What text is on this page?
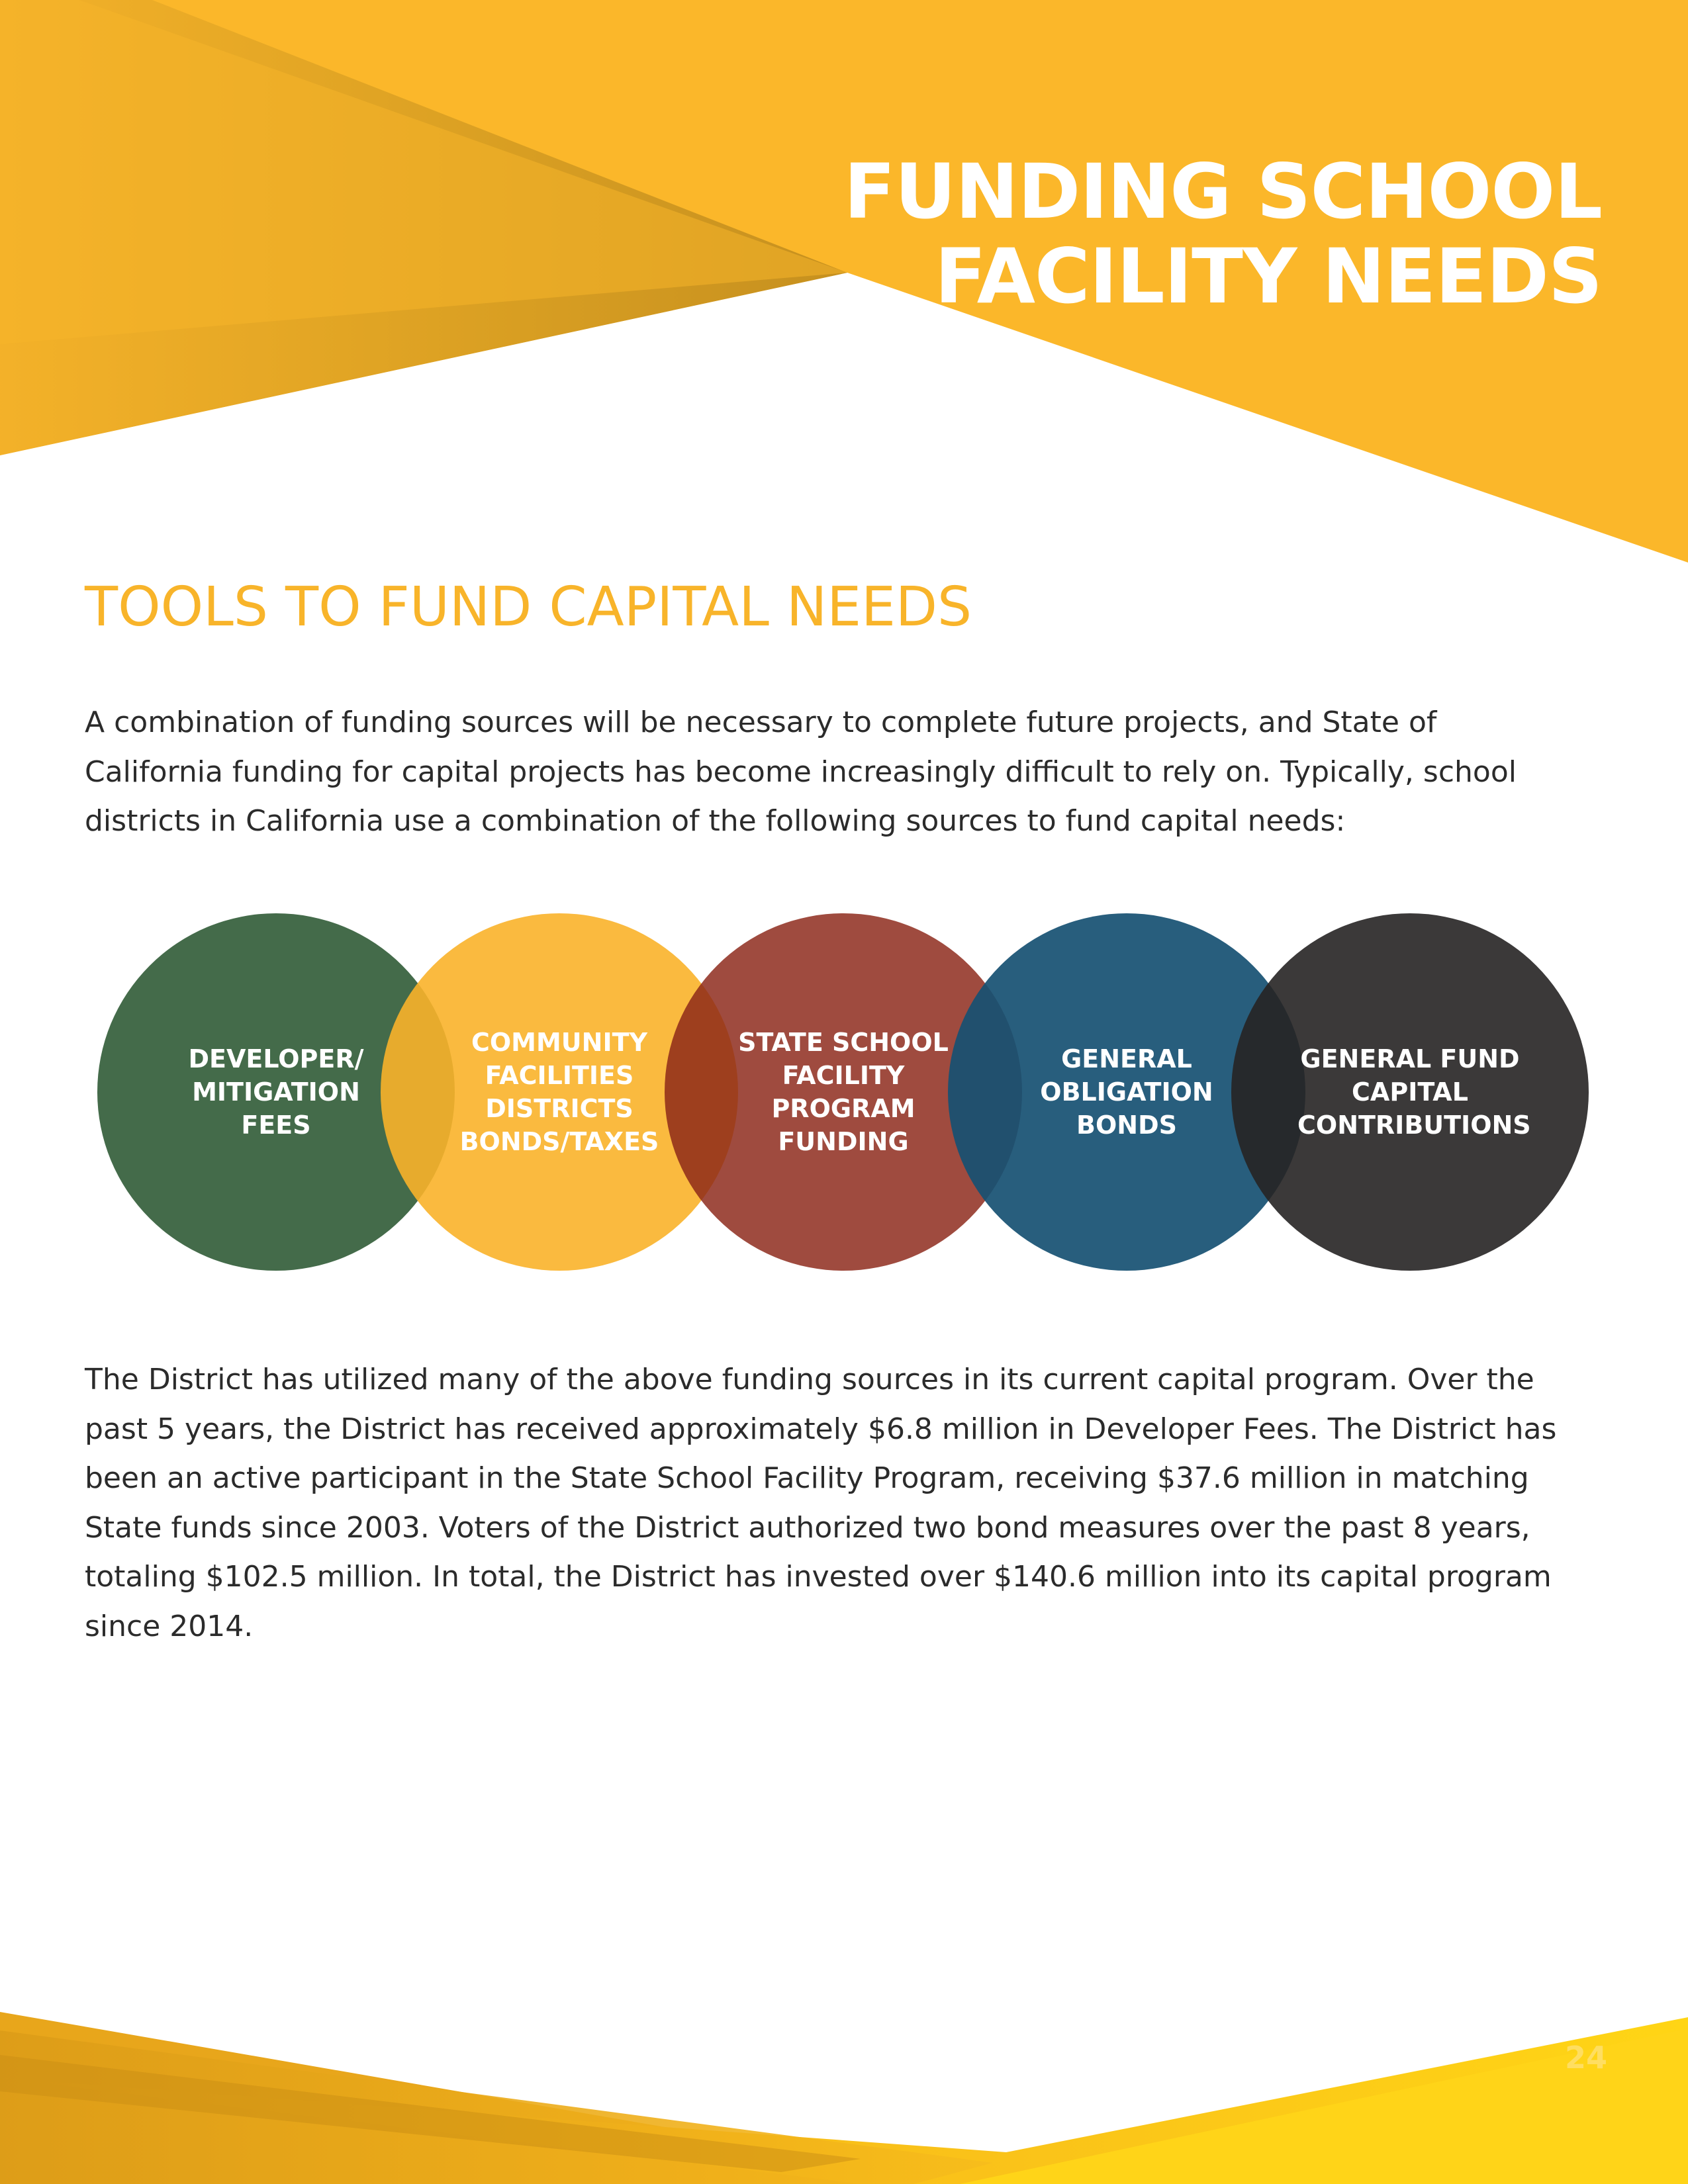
FUNDING SCHOOL
FACILITY NEEDS
TOOLS TO FUND CAPITAL NEEDS

A combination of funding sources will be necessary to complete future projects, and State of California funding for capital projects has become increasingly difficult to rely on. Typically, school districts in California use a combination of the following sources to fund capital needs:

DEVELOPER/ MITIGATION FEES
COMMUNITY FACILITIES DISTRICTS BONDS/TAXES
STATE SCHOOL FACILITY PROGRAM FUNDING
GENERAL OBLIGATION BONDS
GENERAL FUND CAPITAL CONTRIBUTIONS

The District has utilized many of the above funding sources in its current capital program. Over the past 5 years, the District has received approximately $6.8 million in Developer Fees. The District has been an active participant in the State School Facility Program, receiving $37.6 million in matching State funds since 2003. Voters of the District authorized two bond measures over the past 8 years, totaling $102.5 million. In total, the District has invested over $140.6 million into its capital program since 2014.

24
